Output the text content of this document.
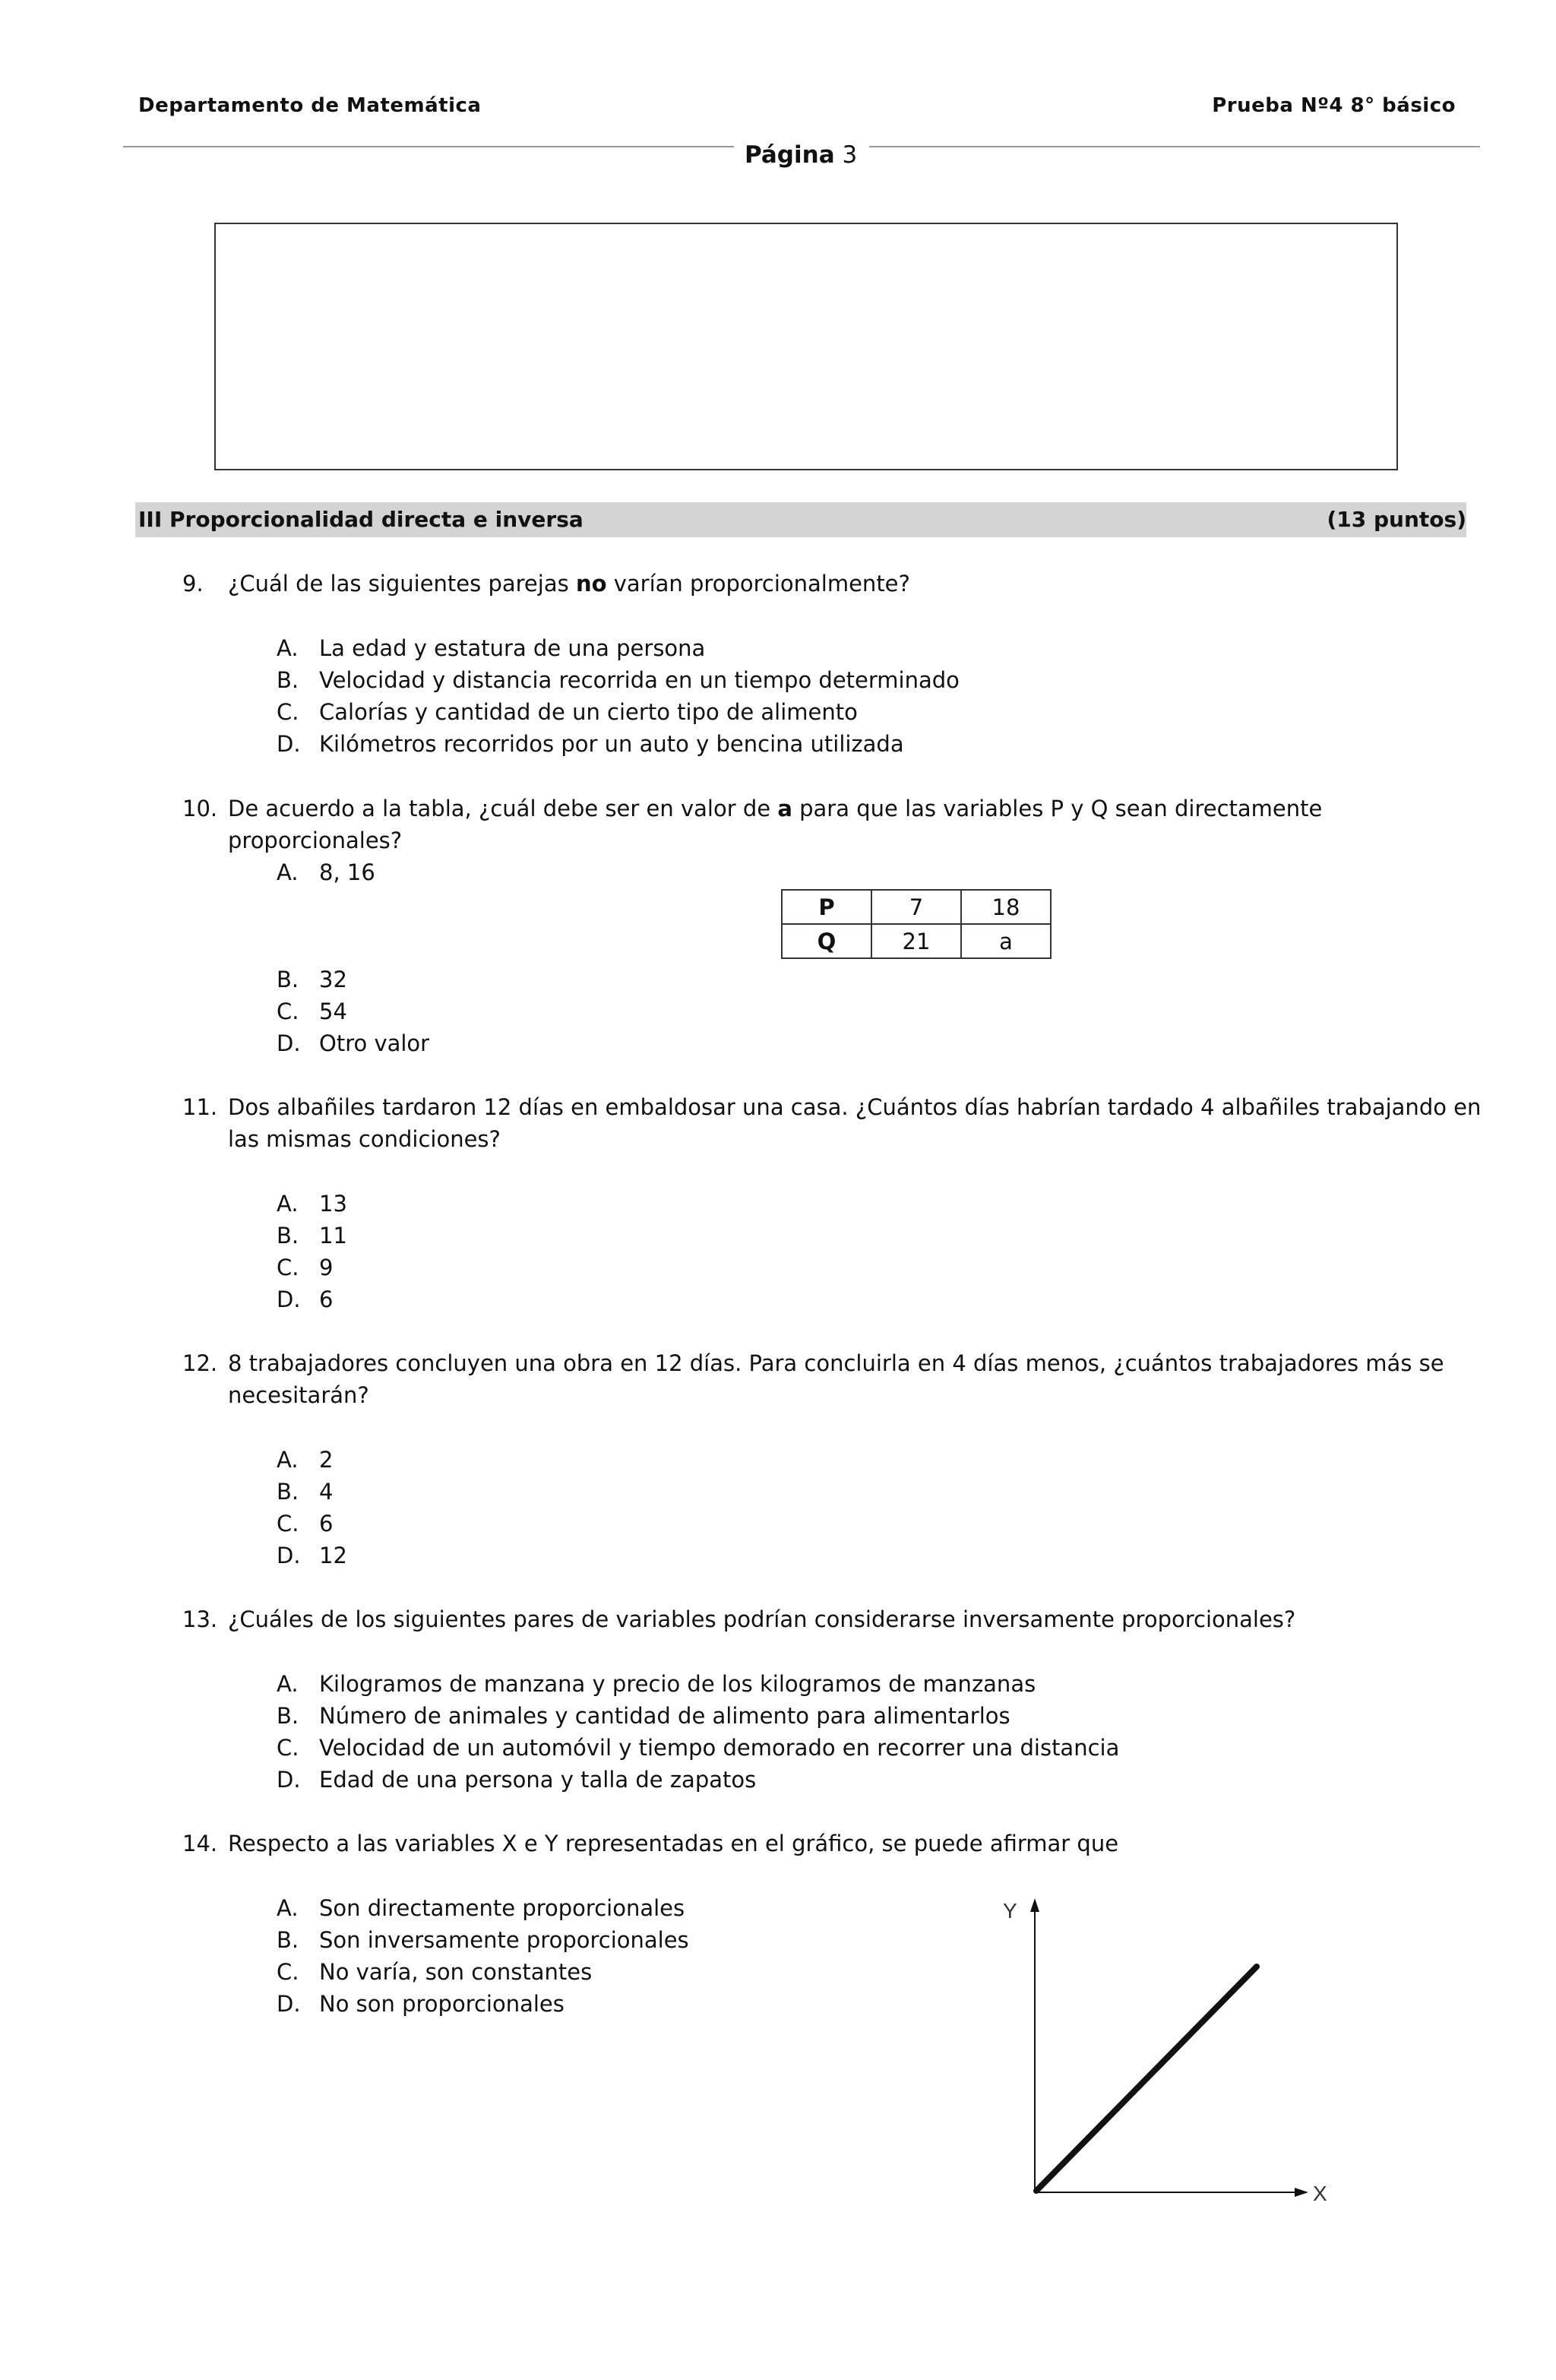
Departamento de Matemática	Prueba Nº4 8° básico
Página 3
III Proporcionalidad directa e inversa	(13 puntos)
9. ¿Cuál de las siguientes parejas no varían proporcionalmente?
A. La edad y estatura de una persona
B. Velocidad y distancia recorrida en un tiempo determinado
C. Calorías y cantidad de un cierto tipo de alimento
D. Kilómetros recorridos por un auto y bencina utilizada
10. De acuerdo a la tabla, ¿cuál debe ser en valor de a para que las variables P y Q sean directamente proporcionales?
A. 8, 16
P	7	18
Q	21	a
B. 32
C. 54
D. Otro valor
11. Dos albañiles tardaron 12 días en embaldosar una casa. ¿Cuántos días habrían tardado 4 albañiles trabajando en las mismas condiciones?
A. 13
B. 11
C. 9
D. 6
12. 8 trabajadores concluyen una obra en 12 días. Para concluirla en 4 días menos, ¿cuántos trabajadores más se necesitarán?
A. 2
B. 4
C. 6
D. 12
13. ¿Cuáles de los siguientes pares de variables podrían considerarse inversamente proporcionales?
A. Kilogramos de manzana y precio de los kilogramos de manzanas
B. Número de animales y cantidad de alimento para alimentarlos
C. Velocidad de un automóvil y tiempo demorado en recorrer una distancia
D. Edad de una persona y talla de zapatos
14. Respecto a las variables X e Y representadas en el gráfico, se puede afirmar que
A. Son directamente proporcionales
B. Son inversamente proporcionales
C. No varía, son constantes
D. No son proporcionales
Y
X
